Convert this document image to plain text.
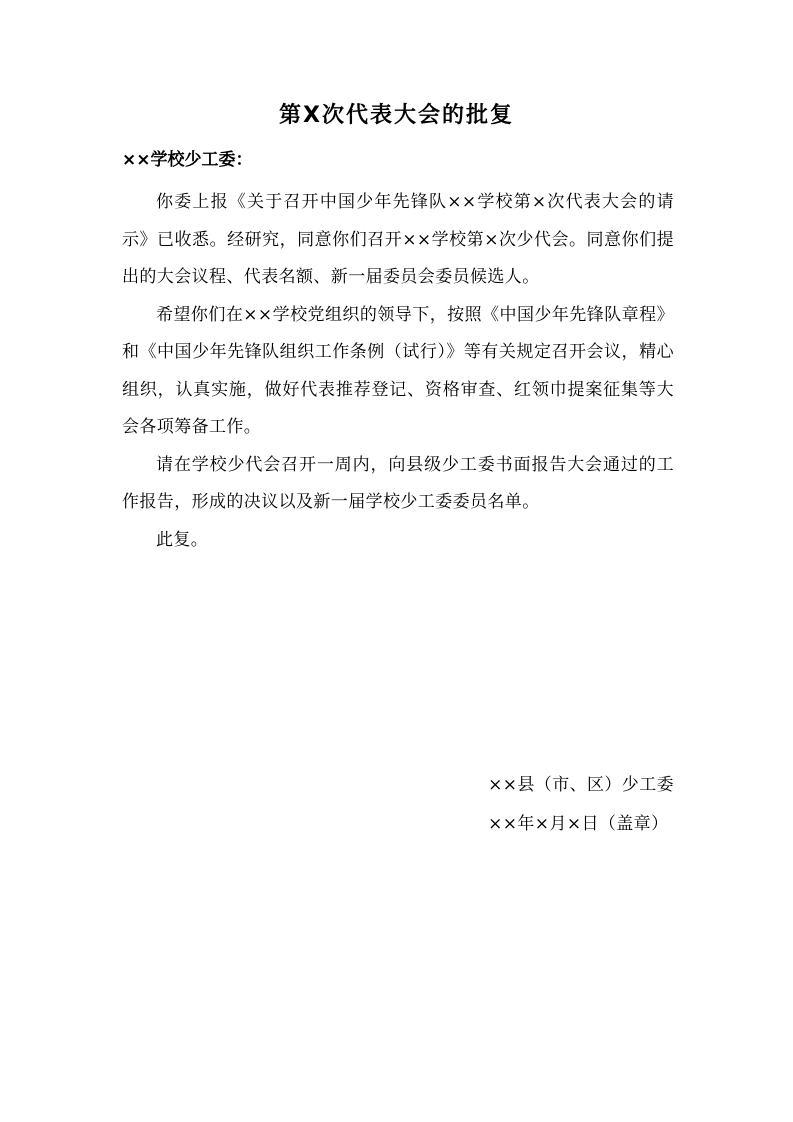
第X次代表大会的批复
××学校少工委：

你委上报《关于召开中国少年先锋队××学校第×次代表大会的请示》已收悉。经研究，同意你们召开××学校第×次少代会。同意你们提出的大会议程、代表名额、新一届委员会委员候选人。

希望你们在××学校党组织的领导下，按照《中国少年先锋队章程》和《中国少年先锋队组织工作条例（试行）》等有关规定召开会议，精心组织，认真实施，做好代表推荐登记、资格审查、红领巾提案征集等大会各项筹备工作。

请在学校少代会召开一周内，向县级少工委书面报告大会通过的工作报告，形成的决议以及新一届学校少工委委员名单。

此复。

××县（市、区）少工委
××年×月×日（盖章）
